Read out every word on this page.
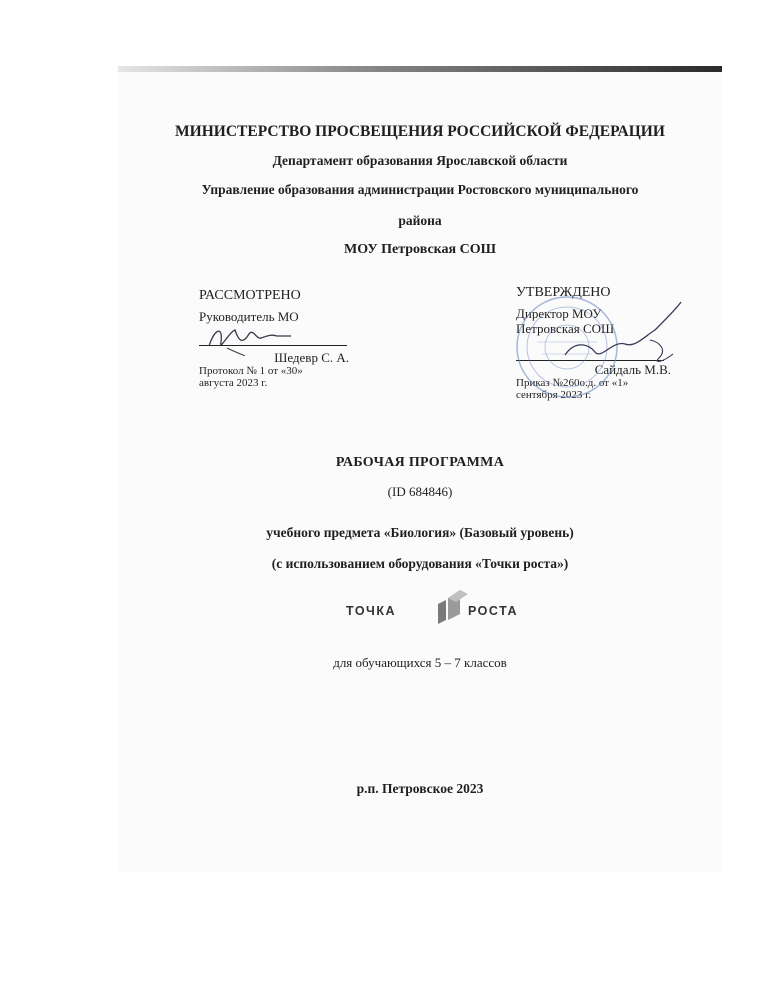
МИНИСТЕРСТВО ПРОСВЕЩЕНИЯ РОССИЙСКОЙ ФЕДЕРАЦИИ
Департамент образования Ярославской области
Управление образования администрации Ростовского муниципального
района
МОУ Петровская СОШ
РАССМОТРЕНО
Руководитель МО
Шедевр С. А.
Протокол № 1 от «30»
августа 2023 г.
УТВЕРЖДЕНО
Директор МОУ
Петровская СОШ
Сайдаль М.В.
Приказ №260о.д. от «1»
сентября 2023 г.
РАБОЧАЯ ПРОГРАММА
(ID 684846)
учебного предмета «Биология» (Базовый уровень)
(с использованием оборудования «Точки роста»)
ТОЧКА	РОСТА
для обучающихся 5 – 7 классов
р.п. Петровское 2023
